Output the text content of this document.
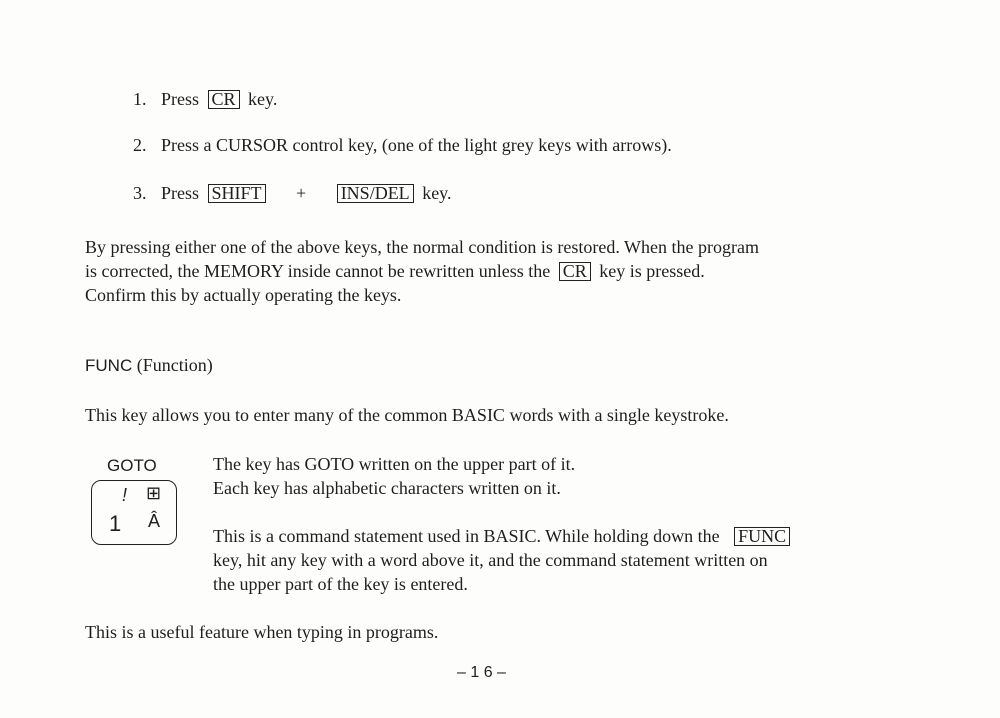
1. Press CR key.
2. Press a CURSOR control key, (one of the light grey keys with arrows).
3. Press SHIFT + INS/DEL key.
By pressing either one of the above keys, the normal condition is restored. When the program
is corrected, the MEMORY inside cannot be rewritten unless the CR key is pressed.
Confirm this by actually operating the keys.
FUNC (Function)
This key allows you to enter many of the common BASIC words with a single keystroke.
GOTO
! ⊞
1 Â
The key has GOTO written on the upper part of it.
Each key has alphabetic characters written on it.
This is a command statement used in BASIC. While holding down the FUNC
key, hit any key with a word above it, and the command statement written on
the upper part of the key is entered.
This is a useful feature when typing in programs.
– 1 6 –
